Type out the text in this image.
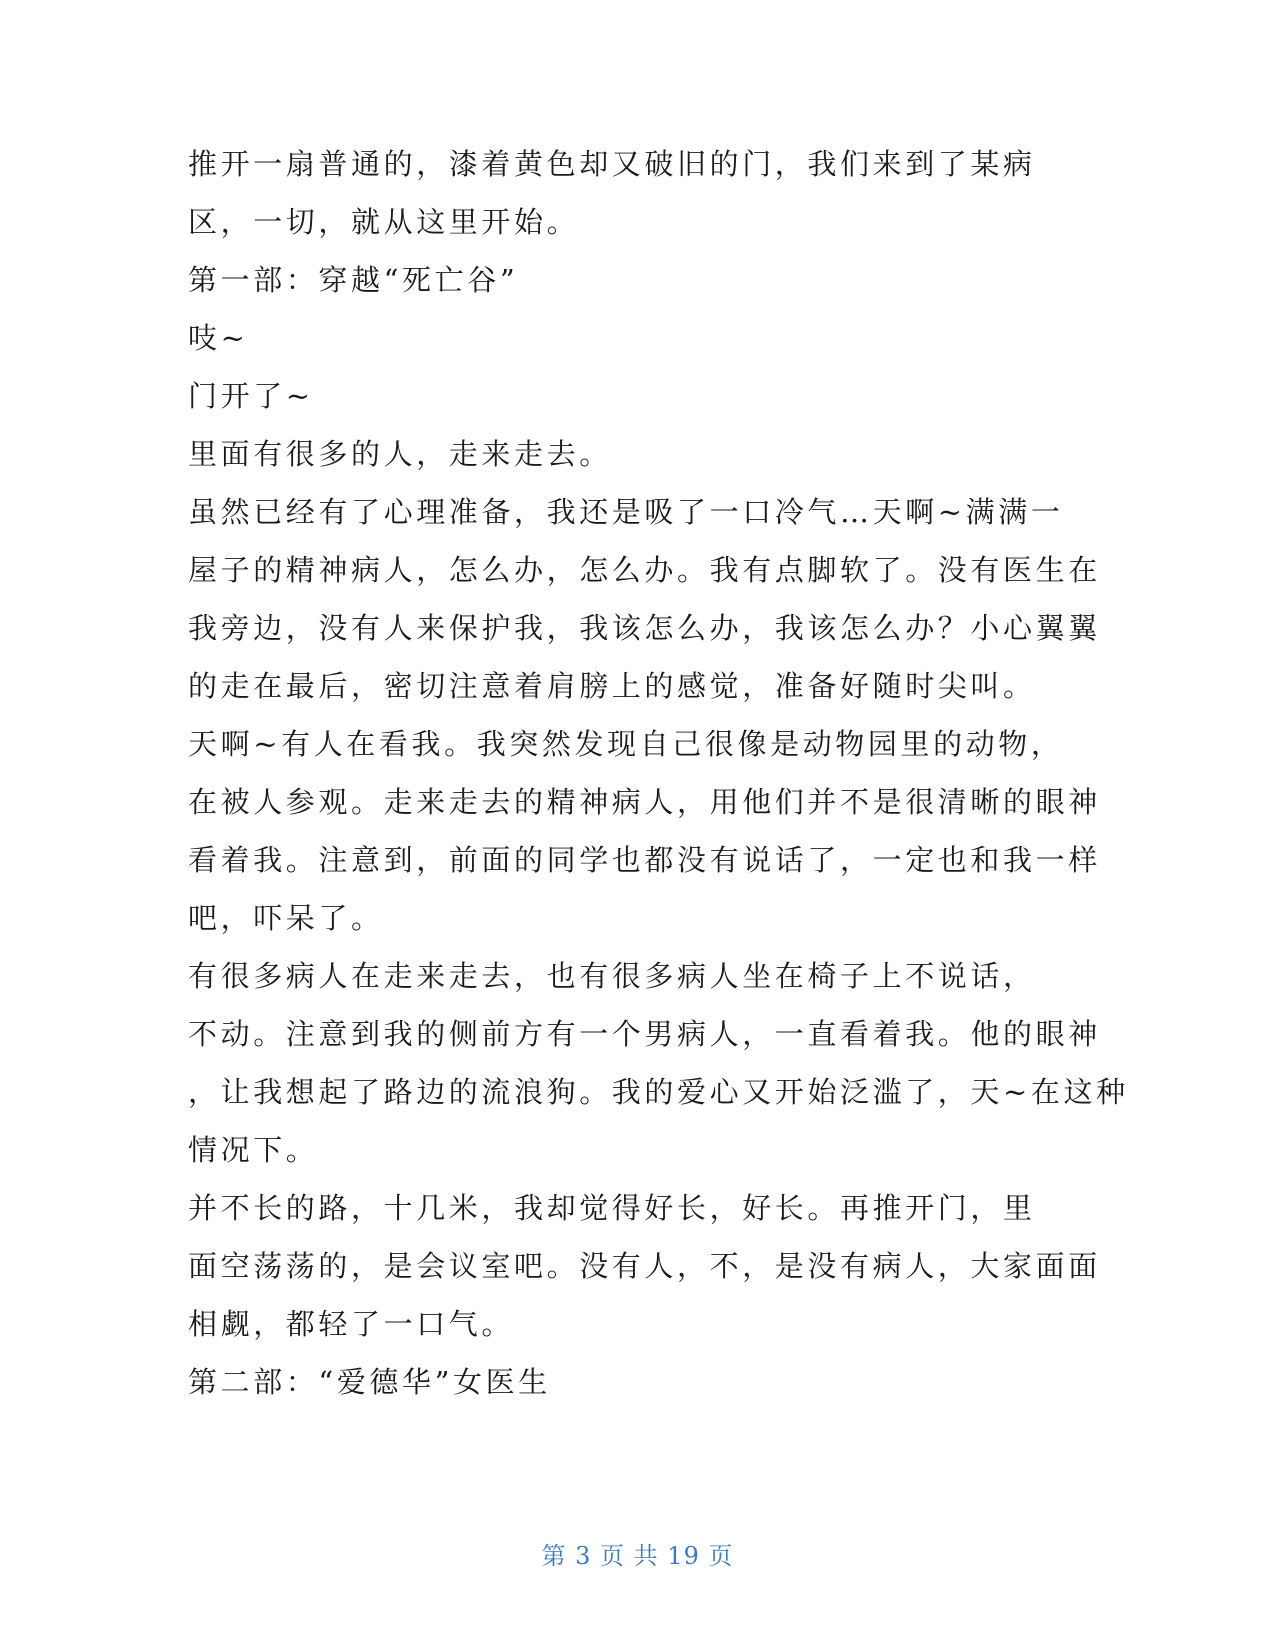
推开一扇普通的，漆着黄色却又破旧的门，我们来到了某病
区，一切，就从这里开始。
第一部：穿越“死亡谷”
吱~
门开了~
里面有很多的人，走来走去。
虽然已经有了心理准备，我还是吸了一口冷气…天啊~满满一
屋子的精神病人，怎么办，怎么办。我有点脚软了。没有医生在
我旁边，没有人来保护我，我该怎么办，我该怎么办？小心翼翼
的走在最后，密切注意着肩膀上的感觉，准备好随时尖叫。
天啊~有人在看我。我突然发现自己很像是动物园里的动物，
在被人参观。走来走去的精神病人，用他们并不是很清晰的眼神
看着我。注意到，前面的同学也都没有说话了，一定也和我一样
吧，吓呆了。
有很多病人在走来走去，也有很多病人坐在椅子上不说话，
不动。注意到我的侧前方有一个男病人，一直看着我。他的眼神
，让我想起了路边的流浪狗。我的爱心又开始泛滥了，天~在这种
情况下。
并不长的路，十几米，我却觉得好长，好长。再推开门，里
面空荡荡的，是会议室吧。没有人，不，是没有病人，大家面面
相觑，都轻了一口气。
第二部：“爱德华”女医生
第 3 页 共 19 页
